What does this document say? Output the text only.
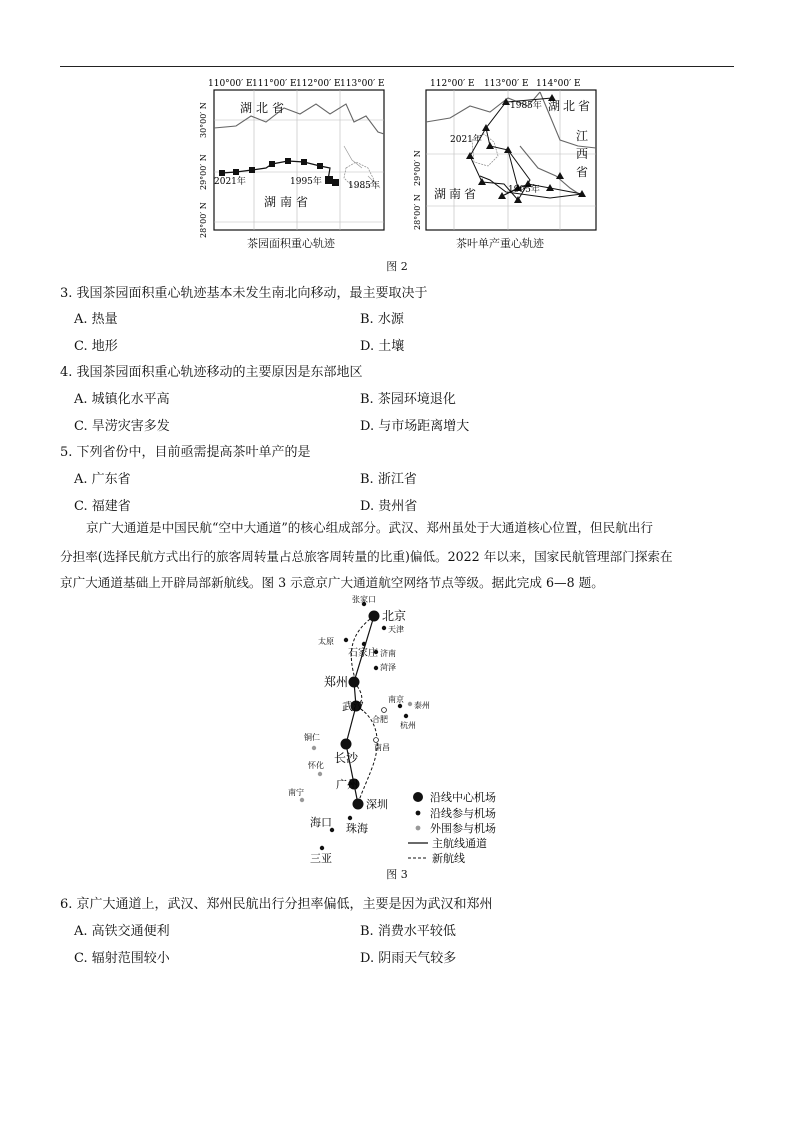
110°00′ E 111°00′ E 112°00′ E 113°00′ E
30°00′ N
29°00′ N
28°00′ N
2021年	1995年	1985年
湖北省
湖南省
茶园面积重心轨迹
112°00′ E 113°00′ E 114°00′ E
29°00′ N
28°00′ N
1985年
2021年
1995年
湖北省
江
西
省
湖南省
茶叶单产重心轨迹
图 2
3. 我国茶园面积重心轨迹基本未发生南北向移动，最主要取决于
A. 热量	B. 水源
C. 地形	D. 土壤
4. 我国茶园面积重心轨迹移动的主要原因是东部地区
A. 城镇化水平高	B. 茶园环境退化
C. 旱涝灾害多发	D. 与市场距离增大
5. 下列省份中，目前亟需提高茶叶单产的是
A. 广东省	B. 浙江省
C. 福建省	D. 贵州省
京广大通道是中国民航“空中大通道”的核心组成部分。武汉、郑州虽处于大通道核心位置，但民航出行
分担率(选择民航方式出行的旅客周转量占总旅客周转量的比重)偏低。2022 年以来，国家民航管理部门探索在
京广大通道基础上开辟局部新航线。图 3 示意京广大通道航空网络节点等级。据此完成 6—8 题。
张家口
北京
天津
太原
石家庄 济南
菏泽
郑州
南京
泰州
合肥
杭州
武汉
铜仁
南昌
怀化
长沙
南宁
广州
深圳
海口 珠海
三亚
沿线中心机场
沿线参与机场
外围参与机场
主航线通道
新航线
图 3
6. 京广大通道上，武汉、郑州民航出行分担率偏低，主要是因为武汉和郑州
A. 高铁交通便利	B. 消费水平较低
C. 辐射范围较小	D. 阴雨天气较多
